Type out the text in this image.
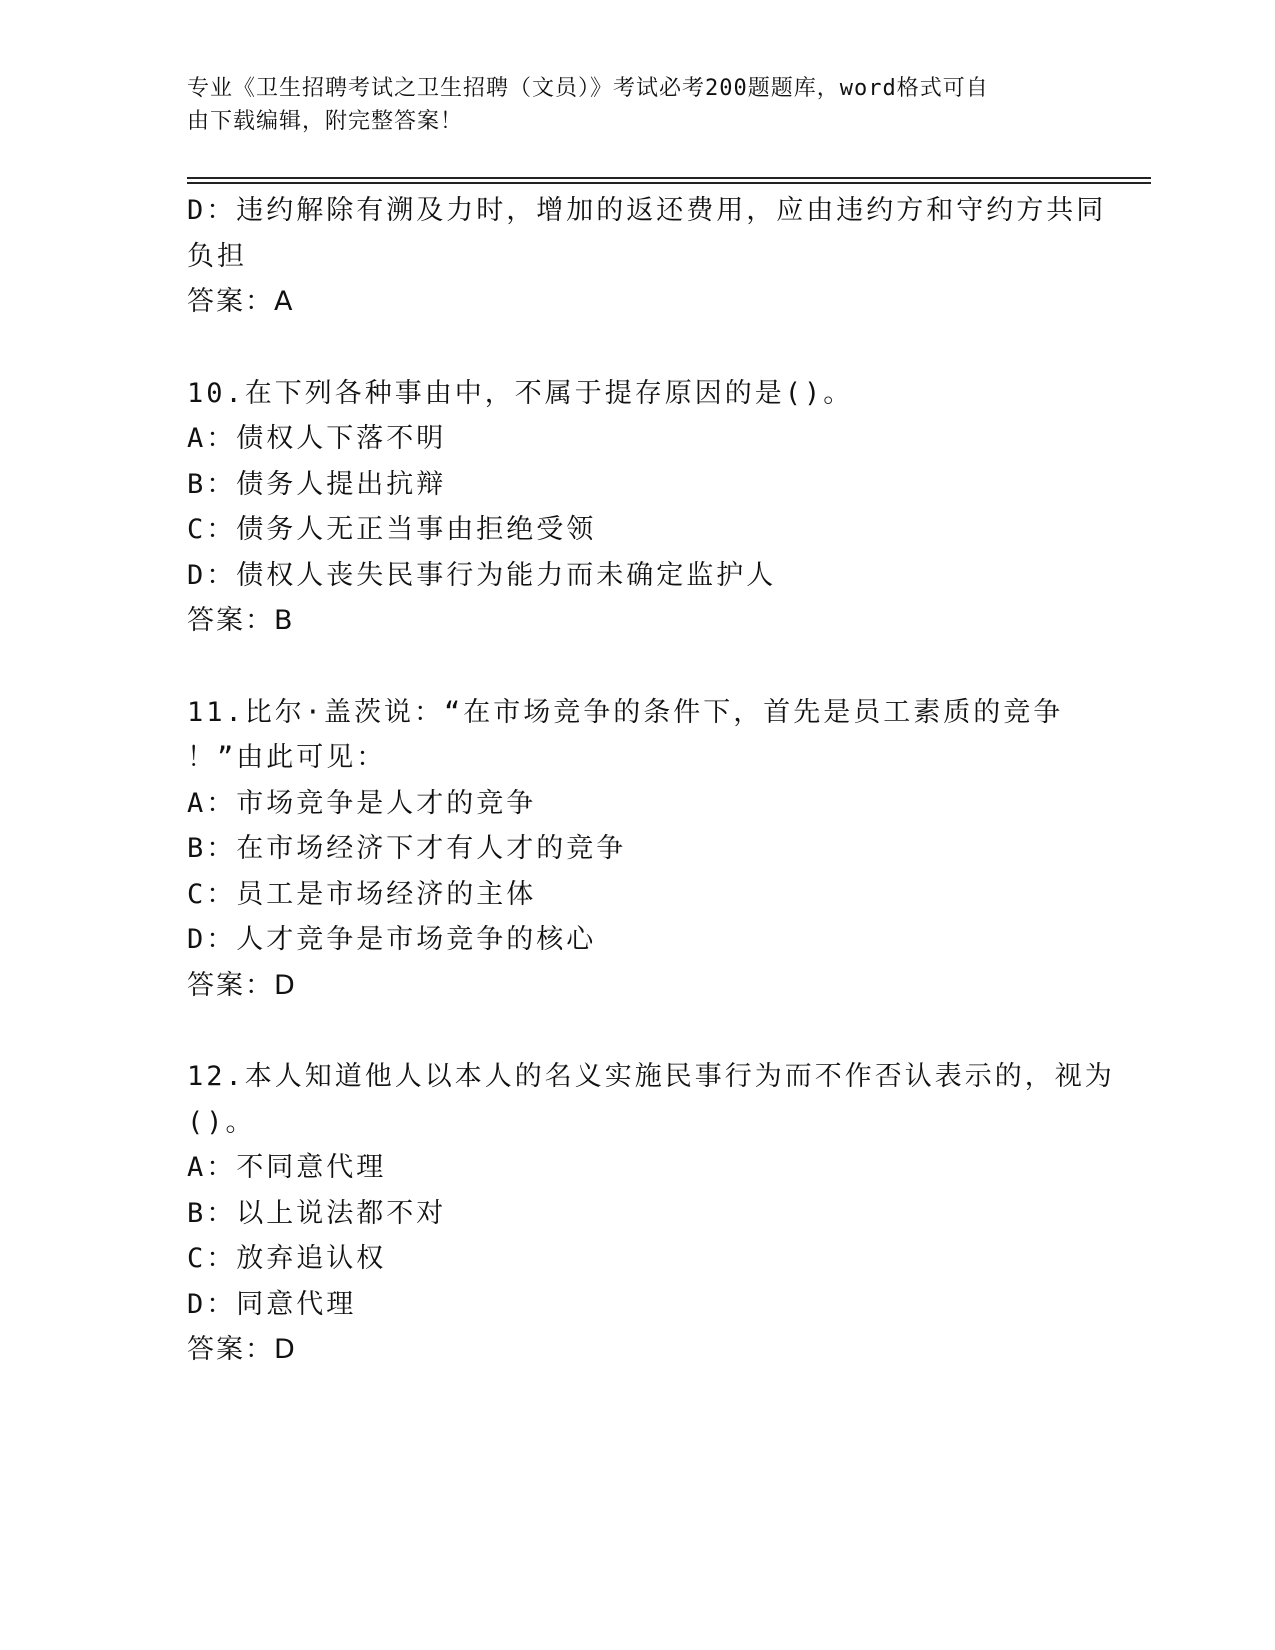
专业《卫生招聘考试之卫生招聘（文员）》考试必考200题题库，word格式可自
由下载编辑，附完整答案！
D：违约解除有溯及力时，增加的返还费用，应由违约方和守约方共同
负担
答案：A
10.在下列各种事由中，不属于提存原因的是()。
A：债权人下落不明
B：债务人提出抗辩
C：债务人无正当事由拒绝受领
D：债权人丧失民事行为能力而未确定监护人
答案：B
11.比尔·盖茨说：“在市场竞争的条件下，首先是员工素质的竞争
！”由此可见：
A：市场竞争是人才的竞争
B：在市场经济下才有人才的竞争
C：员工是市场经济的主体
D：人才竞争是市场竞争的核心
答案：D
12.本人知道他人以本人的名义实施民事行为而不作否认表示的，视为
()。
A：不同意代理
B：以上说法都不对
C：放弃追认权
D：同意代理
答案：D
